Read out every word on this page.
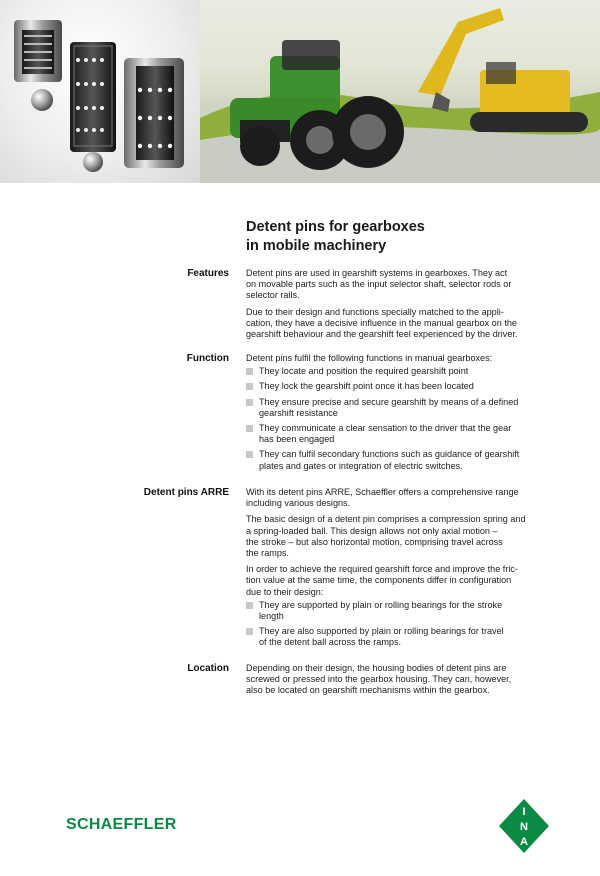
Detent pins for gearboxes
in mobile machinery
Features Detent pins are used in gearshift systems in gearboxes. They act
on movable parts such as the input selector shaft, selector rods or
selector rails.

Due to their design and functions specially matched to the appli-
cation, they have a decisive influence in the manual gearbox on the
gearshift behaviour and the gearshift feel experienced by the driver.

Function Detent pins fulfil the following functions in manual gearboxes:

They locate and position the required gearshift point
They lock the gearshift point once it has been located
They ensure precise and secure gearshift by means of a defined
gearshift resistance
They communicate a clear sensation to the driver that the gear
has been engaged
They can fulfil secondary functions such as guidance of gearshift
plates and gates or integration of electric switches.
Detent pins ARRE With its detent pins ARRE, Schaeffler offers a comprehensive range
including various designs.

The basic design of a detent pin comprises a compression spring and
a spring-loaded ball. This design allows not only axial motion –
the stroke – but also horizontal motion, comprising travel across
the ramps.

In order to achieve the required gearshift force and improve the fric-
tion value at the same time, the components differ in configuration
due to their design:

They are supported by plain or rolling bearings for the stroke
length
They are also supported by plain or rolling bearings for travel
of the detent ball across the ramps.
Location Depending on their design, the housing bodies of detent pins are
screwed or pressed into the gearbox housing. They can, however,
also be located on gearshift mechanisms within the gearbox.

SCHAEFFLER
I
N
A
